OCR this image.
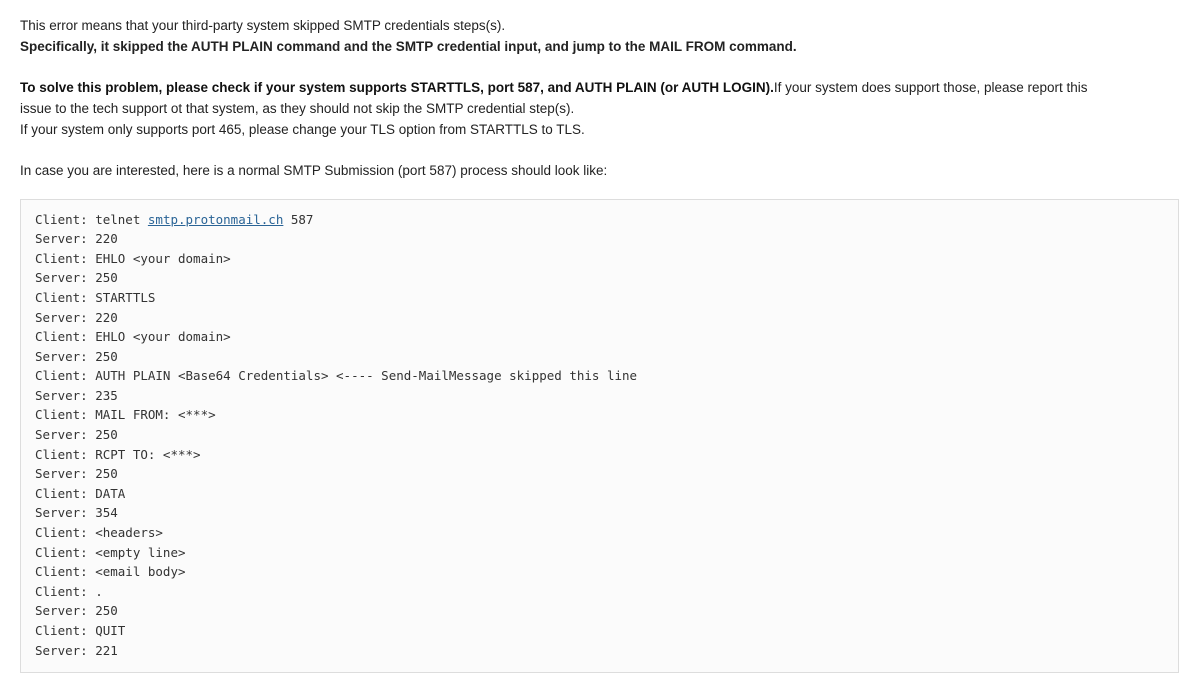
This error means that your third-party system skipped SMTP credentials steps(s).

Specifically, it skipped the AUTH PLAIN command and the SMTP credential input, and jump to the MAIL FROM command.

To solve this problem, please check if your system supports STARTTLS, port 587, and AUTH PLAIN (or AUTH LOGIN).If your system does support those, please report this

issue to the tech support ot that system, as they should not skip the SMTP credential step(s).

If your system only supports port 465, please change your TLS option from STARTTLS to TLS.

In case you are interested, here is a normal SMTP Submission (port 587) process should look like:

Client: telnet smtp.protonmail.ch 587
Server: 220
Client: EHLO <your domain>
Server: 250
Client: STARTTLS
Server: 220
Client: EHLO <your domain>
Server: 250
Client: AUTH PLAIN <Base64 Credentials> <---- Send-MailMessage skipped this line
Server: 235
Client: MAIL FROM: <***>
Server: 250
Client: RCPT TO: <***>
Server: 250
Client: DATA
Server: 354
Client: <headers>
Client: <empty line>
Client: <email body>
Client: .
Server: 250
Client: QUIT
Server: 221
